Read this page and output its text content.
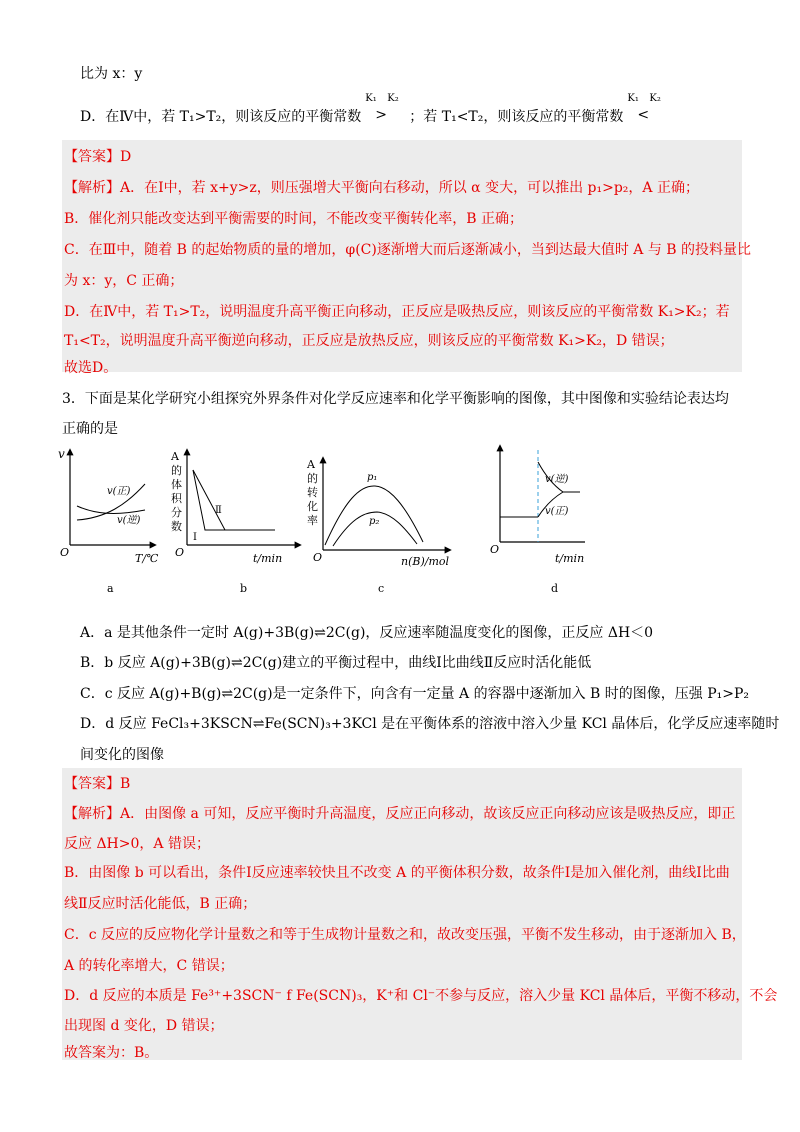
比为 x：y
D．在Ⅳ中，若 T₁>T₂，则该反应的平衡常数
K₁
>
K₂
；若 T₁<T₂，则该反应的平衡常数
K₁
<
K₂
【答案】D
【解析】A．在Ⅰ中，若 x+y>z，则压强增大平衡向右移动，所以 α 变大，可以推出 p₁>p₂，A 正确；
B．催化剂只能改变达到平衡需要的时间，不能改变平衡转化率，B 正确；
C．在Ⅲ中，随着 B 的起始物质的量的增加，φ(C)逐渐增大而后逐渐减小，当到达最大值时 A 与 B 的投料量比
为 x：y，C 正确；
D．在Ⅳ中，若 T₁>T₂，说明温度升高平衡正向移动，正反应是吸热反应，则该反应的平衡常数 K₁>K₂；若
T₁<T₂，说明温度升高平衡逆向移动，正反应是放热反应，则该反应的平衡常数 K₁>K₂，D 错误；
故选D。
3．下面是某化学研究小组探究外界条件对化学反应速率和化学平衡影响的图像，其中图像和实验结论表达均
正确的是
v
O	T/℃
v(正)
v(逆)
a
A 的体积分数
O	t/min
Ⅰ
Ⅱ
b
A 的转化率
O	n(B)/mol
p₁
p₂
c
O
t/min
v(逆)
v(正)
d
A．a 是其他条件一定时 A(g)+3B(g)⇌2C(g)，反应速率随温度变化的图像，正反应 ΔH＜0
B．b 反应 A(g)+3B(g)⇌2C(g)建立的平衡过程中，曲线Ⅰ比曲线Ⅱ反应时活化能低
C．c 反应 A(g)+B(g)⇌2C(g)是一定条件下，向含有一定量 A 的容器中逐渐加入 B 时的图像，压强 P₁>P₂
D．d 反应 FeCl₃+3KSCN⇌Fe(SCN)₃+3KCl 是在平衡体系的溶液中溶入少量 KCl 晶体后，化学反应速率随时
间变化的图像
【答案】B
【解析】A．由图像 a 可知，反应平衡时升高温度，反应正向移动，故该反应正向移动应该是吸热反应，即正
反应 ΔH>0，A 错误；
B．由图像 b 可以看出，条件Ⅰ反应速率较快且不改变 A 的平衡体积分数，故条件Ⅰ是加入催化剂，曲线Ⅰ比曲
线Ⅱ反应时活化能低，B 正确；
C．c 反应的反应物化学计量数之和等于生成物计量数之和，故改变压强，平衡不发生移动，由于逐渐加入 B，
A 的转化率增大，C 错误；
D．d 反应的本质是 Fe³⁺+3SCN⁻ f Fe(SCN)₃，K⁺和 Cl⁻不参与反应，溶入少量 KCl 晶体后，平衡不移动，不会
出现图 d 变化，D 错误；
故答案为：B。
